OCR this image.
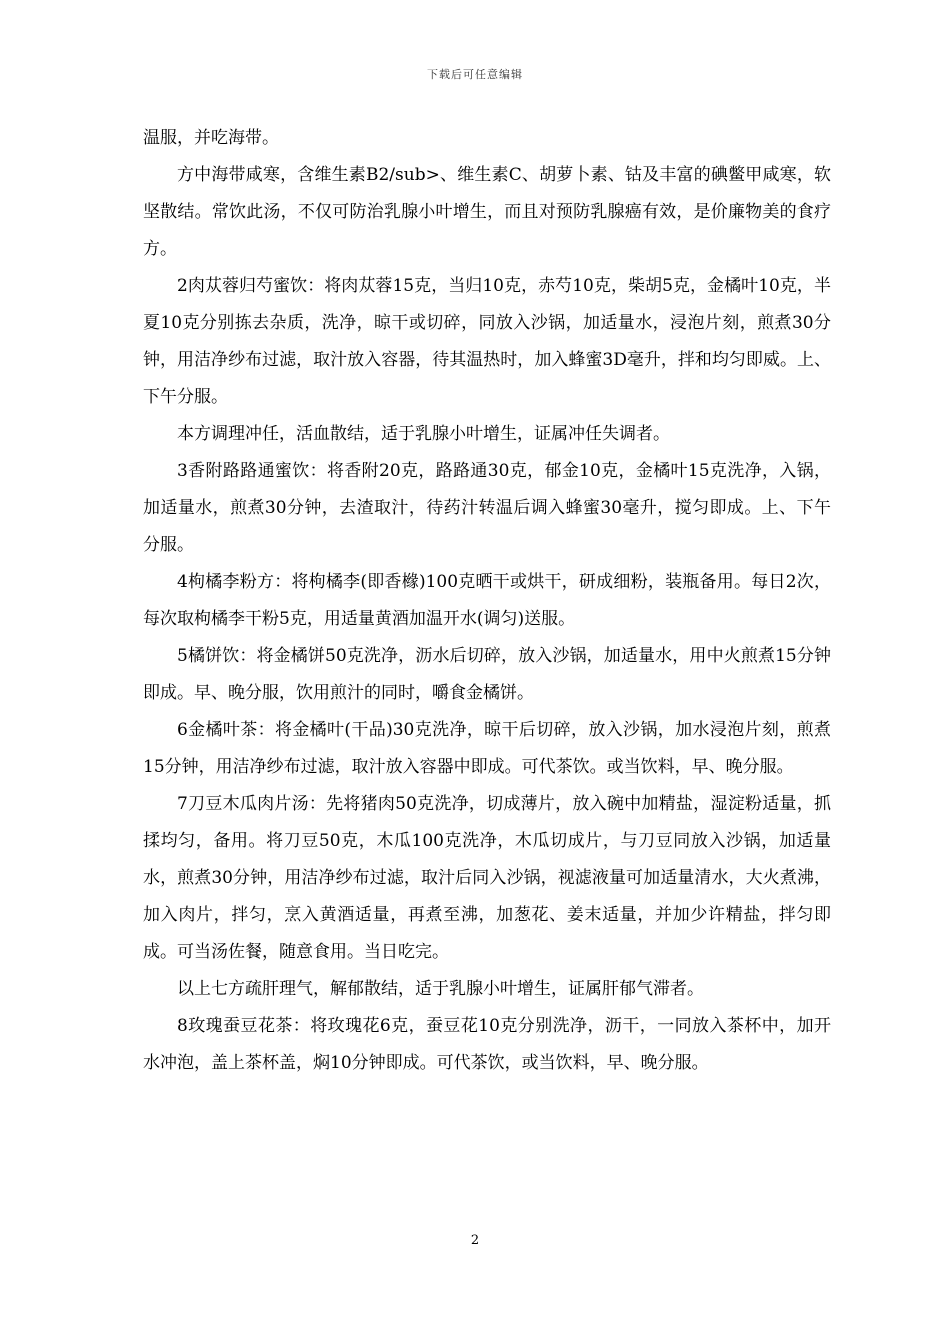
下载后可任意编辑

温服，并吃海带。

方中海带咸寒，含维生素B2/sub>、维生素C、胡萝卜素、钴及丰富的碘鳖甲咸寒，软坚散结。常饮此汤，不仅可防治乳腺小叶增生，而且对预防乳腺癌有效，是价廉物美的食疗方。

2肉苁蓉归芍蜜饮：将肉苁蓉15克，当归10克，赤芍10克，柴胡5克，金橘叶10克，半夏10克分别拣去杂质，洗净，晾干或切碎，同放入沙锅，加适量水，浸泡片刻，煎煮30分钟，用洁净纱布过滤，取汁放入容器，待其温热时，加入蜂蜜3D毫升，拌和均匀即威。上、下午分服。

本方调理冲任，活血散结，适于乳腺小叶增生，证属冲任失调者。

3香附路路通蜜饮：将香附20克，路路通30克，郁金10克，金橘叶15克洗净，入锅，加适量水，煎煮30分钟，去渣取汁，待药汁转温后调入蜂蜜30毫升，搅匀即成。上、下午分服。

4枸橘李粉方：将枸橘李(即香橼)100克晒干或烘干，研成细粉，装瓶备用。每日2次，每次取枸橘李干粉5克，用适量黄酒加温开水(调匀)送服。

5橘饼饮：将金橘饼50克洗净，沥水后切碎，放入沙锅，加适量水，用中火煎煮15分钟即成。早、晚分服，饮用煎汁的同时，嚼食金橘饼。

6金橘叶茶：将金橘叶(干品)30克洗净，晾干后切碎，放入沙锅，加水浸泡片刻，煎煮15分钟，用洁净纱布过滤，取汁放入容器中即成。可代茶饮。或当饮料，早、晚分服。

7刀豆木瓜肉片汤：先将猪肉50克洗净，切成薄片，放入碗中加精盐，湿淀粉适量，抓揉均匀，备用。将刀豆50克，木瓜100克洗净，木瓜切成片，与刀豆同放入沙锅，加适量水，煎煮30分钟，用洁净纱布过滤，取汁后同入沙锅，视滤液量可加适量清水，大火煮沸，加入肉片，拌匀，烹入黄酒适量，再煮至沸，加葱花、姜末适量，并加少许精盐，拌匀即成。可当汤佐餐，随意食用。当日吃完。

以上七方疏肝理气，解郁散结，适于乳腺小叶增生，证属肝郁气滞者。

8玫瑰蚕豆花茶：将玫瑰花6克，蚕豆花10克分别洗净，沥干，一同放入茶杯中，加开水冲泡，盖上茶杯盖，焖10分钟即成。可代茶饮，或当饮料，早、晚分服。

2
